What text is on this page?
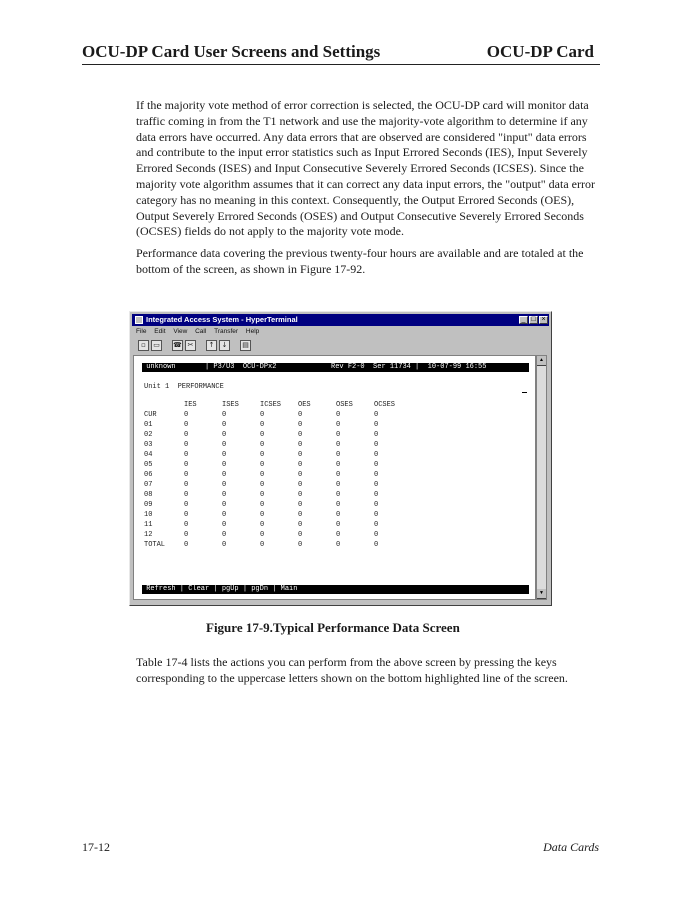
OCU-DP Card User Screens and Settings	OCU-DP Card

If the majority vote method of error correction is selected, the OCU-DP card will monitor data traffic coming in from the T1 network and use the majority-vote algorithm to determine if any data errors have occurred. Any data errors that are observed are considered "input" data errors and contribute to the input error statistics such as Input Errored Seconds (IES), Input Severely Errored Seconds (ISES) and Input Consecutive Severely Errored Seconds (ICSES). Since the majority vote algorithm assumes that it can correct any data input errors, the "output" data error category has no meaning in this context. Consequently, the Output Errored Seconds (OES), Output Severely Errored Seconds (OSES) and Output Consecutive Severely Errored Seconds (OCSES) fields do not apply to the majority vote mode.

Performance data covering the previous twenty-four hours are available and are totaled at the bottom of the screen, as shown in Figure 17-92.

Integrated Access System - HyperTerminal	_ □ ×
File Edit View Call Transfer Help
▫	▭	☎ ✂	↑	↓	▤
unknown       | P3/U3  OCU-DPx2             Rev F2-0  Ser 11734 |  10-07-99 16:55
Unit 1  PERFORMANCE
	IES	ISES	ICSES	OES	OSES	OCSES
CUR	0	0	0	0	0	0
01	0	0	0	0	0	0
02	0	0	0	0	0	0
03	0	0	0	0	0	0
04	0	0	0	0	0	0
05	0	0	0	0	0	0
06	0	0	0	0	0	0
07	0	0	0	0	0	0
08	0	0	0	0	0	0
09	0	0	0	0	0	0
10	0	0	0	0	0	0
11	0	0	0	0	0	0
12	0	0	0	0	0	0
TOTAL	0	0	0	0	0	0
Refresh | Clear | pgUp | pgDn | Main
▲
▼
Figure 17-9.Typical Performance Data Screen

Table 17-4 lists the actions you can perform from the above screen by pressing the keys corresponding to the uppercase letters shown on the bottom highlighted line of the screen.

17-12	Data Cards
